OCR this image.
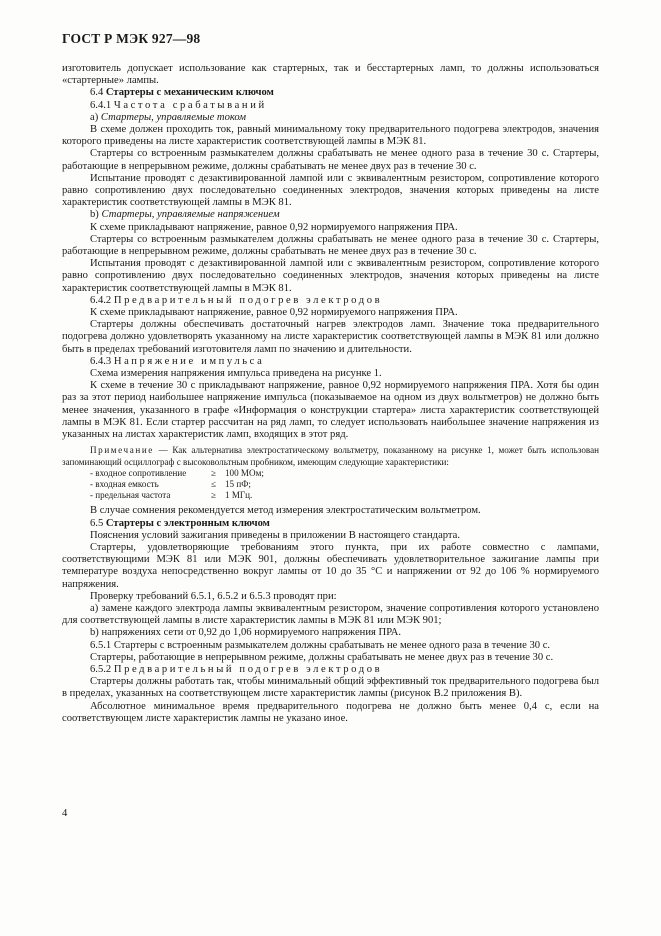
ГОСТ Р МЭК 927—98

изготовитель допускает использование как стартерных, так и бесстартерных ламп, то должны использоваться «стартерные» лампы.

6.4 Стартеры с механическим ключом

6.4.1 Частота срабатываний

а) Стартеры, управляемые током

В схеме должен проходить ток, равный минимальному току предварительного подогрева электродов, значения которого приведены на листе характеристик соответствующей лампы в МЭК 81.

Стартеры со встроенным размыкателем должны срабатывать не менее одного раза в течение 30 с. Стартеры, работающие в непрерывном режиме, должны срабатывать не менее двух раз в течение 30 с.

Испытание проводят с дезактивированной лампой или с эквивалентным резистором, сопротивление которого равно сопротивлению двух последовательно соединенных электродов, значения которых приведены на листе характеристик соответствующей лампы в МЭК 81.

b) Стартеры, управляемые напряжением

К схеме прикладывают напряжение, равное 0,92 нормируемого напряжения ПРА.

Стартеры со встроенным размыкателем должны срабатывать не менее одного раза в течение 30 с. Стартеры, работающие в непрерывном режиме, должны срабатывать не менее двух раз в течение 30 с.

Испытания проводят с дезактивированной лампой или с эквивалентным резистором, сопротивление которого равно сопротивлению двух последовательно соединенных электродов, значения которых приведены на листе характеристик соответствующей лампы в МЭК 81.

6.4.2 Предварительный подогрев электродов

К схеме прикладывают напряжение, равное 0,92 нормируемого напряжения ПРА.

Стартеры должны обеспечивать достаточный нагрев электродов ламп. Значение тока предварительного подогрева должно удовлетворять указанному на листе характеристик соответствующей лампы в МЭК 81 или должно быть в пределах требований изготовителя ламп по значению и длительности.

6.4.3 Напряжение импульса

Схема измерения напряжения импульса приведена на рисунке 1.

К схеме в течение 30 с прикладывают напряжение, равное 0,92 нормируемого напряжения ПРА. Хотя бы один раз за этот период наибольшее напряжение импульса (показываемое на одном из двух вольтметров) не должно быть менее значения, указанного в графе «Информация о конструкции стартера» листа характеристик соответствующей лампы в МЭК 81. Если стартер рассчитан на ряд ламп, то следует использовать наибольшее значение напряжения из указанных на листах характеристик ламп, входящих в этот ряд.

Примечание — Как альтернатива электростатическому вольтметру, показанному на рисунке 1, может быть использован запоминающий осциллограф с высоковольтным пробником, имеющим следующие характеристики:

- входное сопротивление	≥ 100 МОм;
- входная емкость	≤ 15 пФ;
- предельная частота	≥ 1 МГц.

В случае сомнения рекомендуется метод измерения электростатическим вольтметром.

6.5 Стартеры с электронным ключом

Пояснения условий зажигания приведены в приложении В настоящего стандарта.

Стартеры, удовлетворяющие требованиям этого пункта, при их работе совместно с лампами, соответствующими МЭК 81 или МЭК 901, должны обеспечивать удовлетворительное зажигание лампы при температуре воздуха непосредственно вокруг лампы от 10 до 35 °С и напряжении от 92 до 106 % нормируемого напряжения.

Проверку требований 6.5.1, 6.5.2 и 6.5.3 проводят при:

а) замене каждого электрода лампы эквивалентным резистором, значение сопротивления которого установлено для соответствующей лампы в листе характеристик лампы в МЭК 81 или МЭК 901;

b) напряжениях сети от 0,92 до 1,06 нормируемого напряжения ПРА.

6.5.1 Стартеры с встроенным размыкателем должны срабатывать не менее одного раза в течение 30 с.

Стартеры, работающие в непрерывном режиме, должны срабатывать не менее двух раз в течение 30 с.

6.5.2 Предварительный подогрев электродов

Стартеры должны работать так, чтобы минимальный общий эффективный ток предварительного подогрева был в пределах, указанных на соответствующем листе характеристик лампы (рисунок В.2 приложения В).

Абсолютное минимальное время предварительного подогрева не должно быть менее 0,4 с, если на соответствующем листе характеристик лампы не указано иное.

4
